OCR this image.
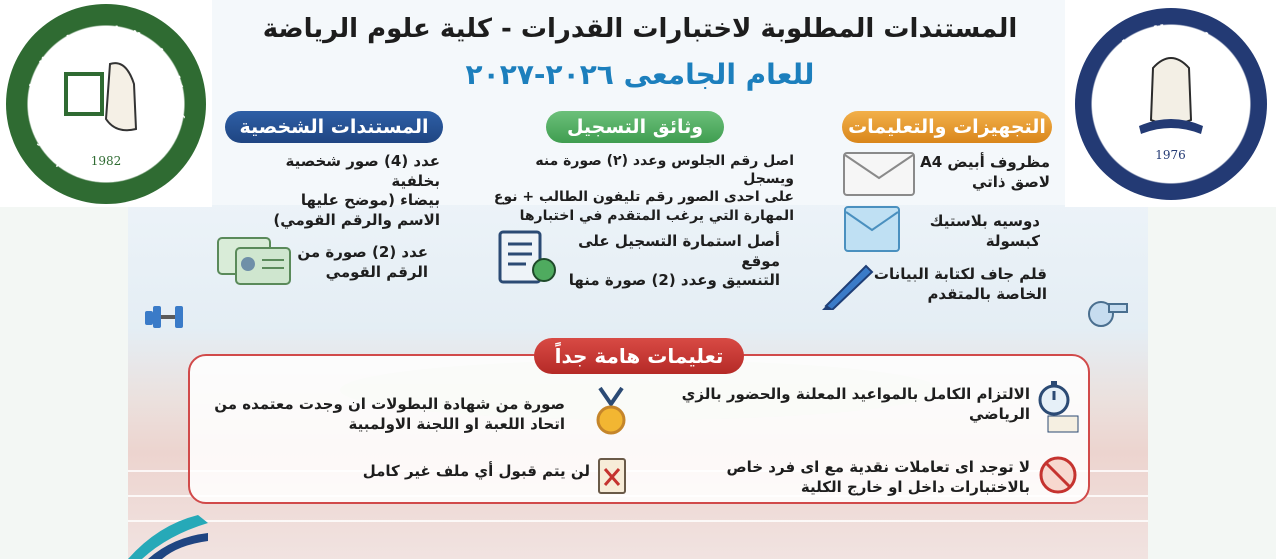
كلية علوم الرياضة - جامعة المنيا
Faculty of Sports Sciences - Minia University
1982
جامعة المنيا
MINIA UNIVERSITY
1976
المستندات المطلوبة لاختبارات القدرات - كلية علوم الرياضة
للعام الجامعى ٢٠٢٦-٢٠٢٧
التجهيزات والتعليمات
وثائق التسجيل
المستندات الشخصية
مظروف أبيض A4
لاصق ذاتي
دوسيه بلاستيك
كبسولة
قلم جاف لكتابة البيانات
الخاصة بالمتقدم
اصل رقم الجلوس وعدد (٢) صورة منه ويسجل
على احدى الصور رقم تليفون الطالب + نوع
المهارة التي يرغب المتقدم في اختبارها
أصل استمارة التسجيل على موقع
التنسيق وعدد (2) صورة منها
عدد (4) صور شخصية بخلفية
بيضاء (موضح عليها
الاسم والرقم القومي)
عدد (2) صورة من
الرقم القومي
تعليمات هامة جداً
الالتزام الكامل بالمواعيد المعلنة والحضور بالزي الرياضي
لا توجد اى تعاملات نقدية مع اى فرد خاص
بالاختبارات داخل او خارج الكلية
صورة من شهادة البطولات ان وجدت معتمده من
اتحاد اللعبة او اللجنة الاولمبية
لن يتم قبول أي ملف غير كامل
